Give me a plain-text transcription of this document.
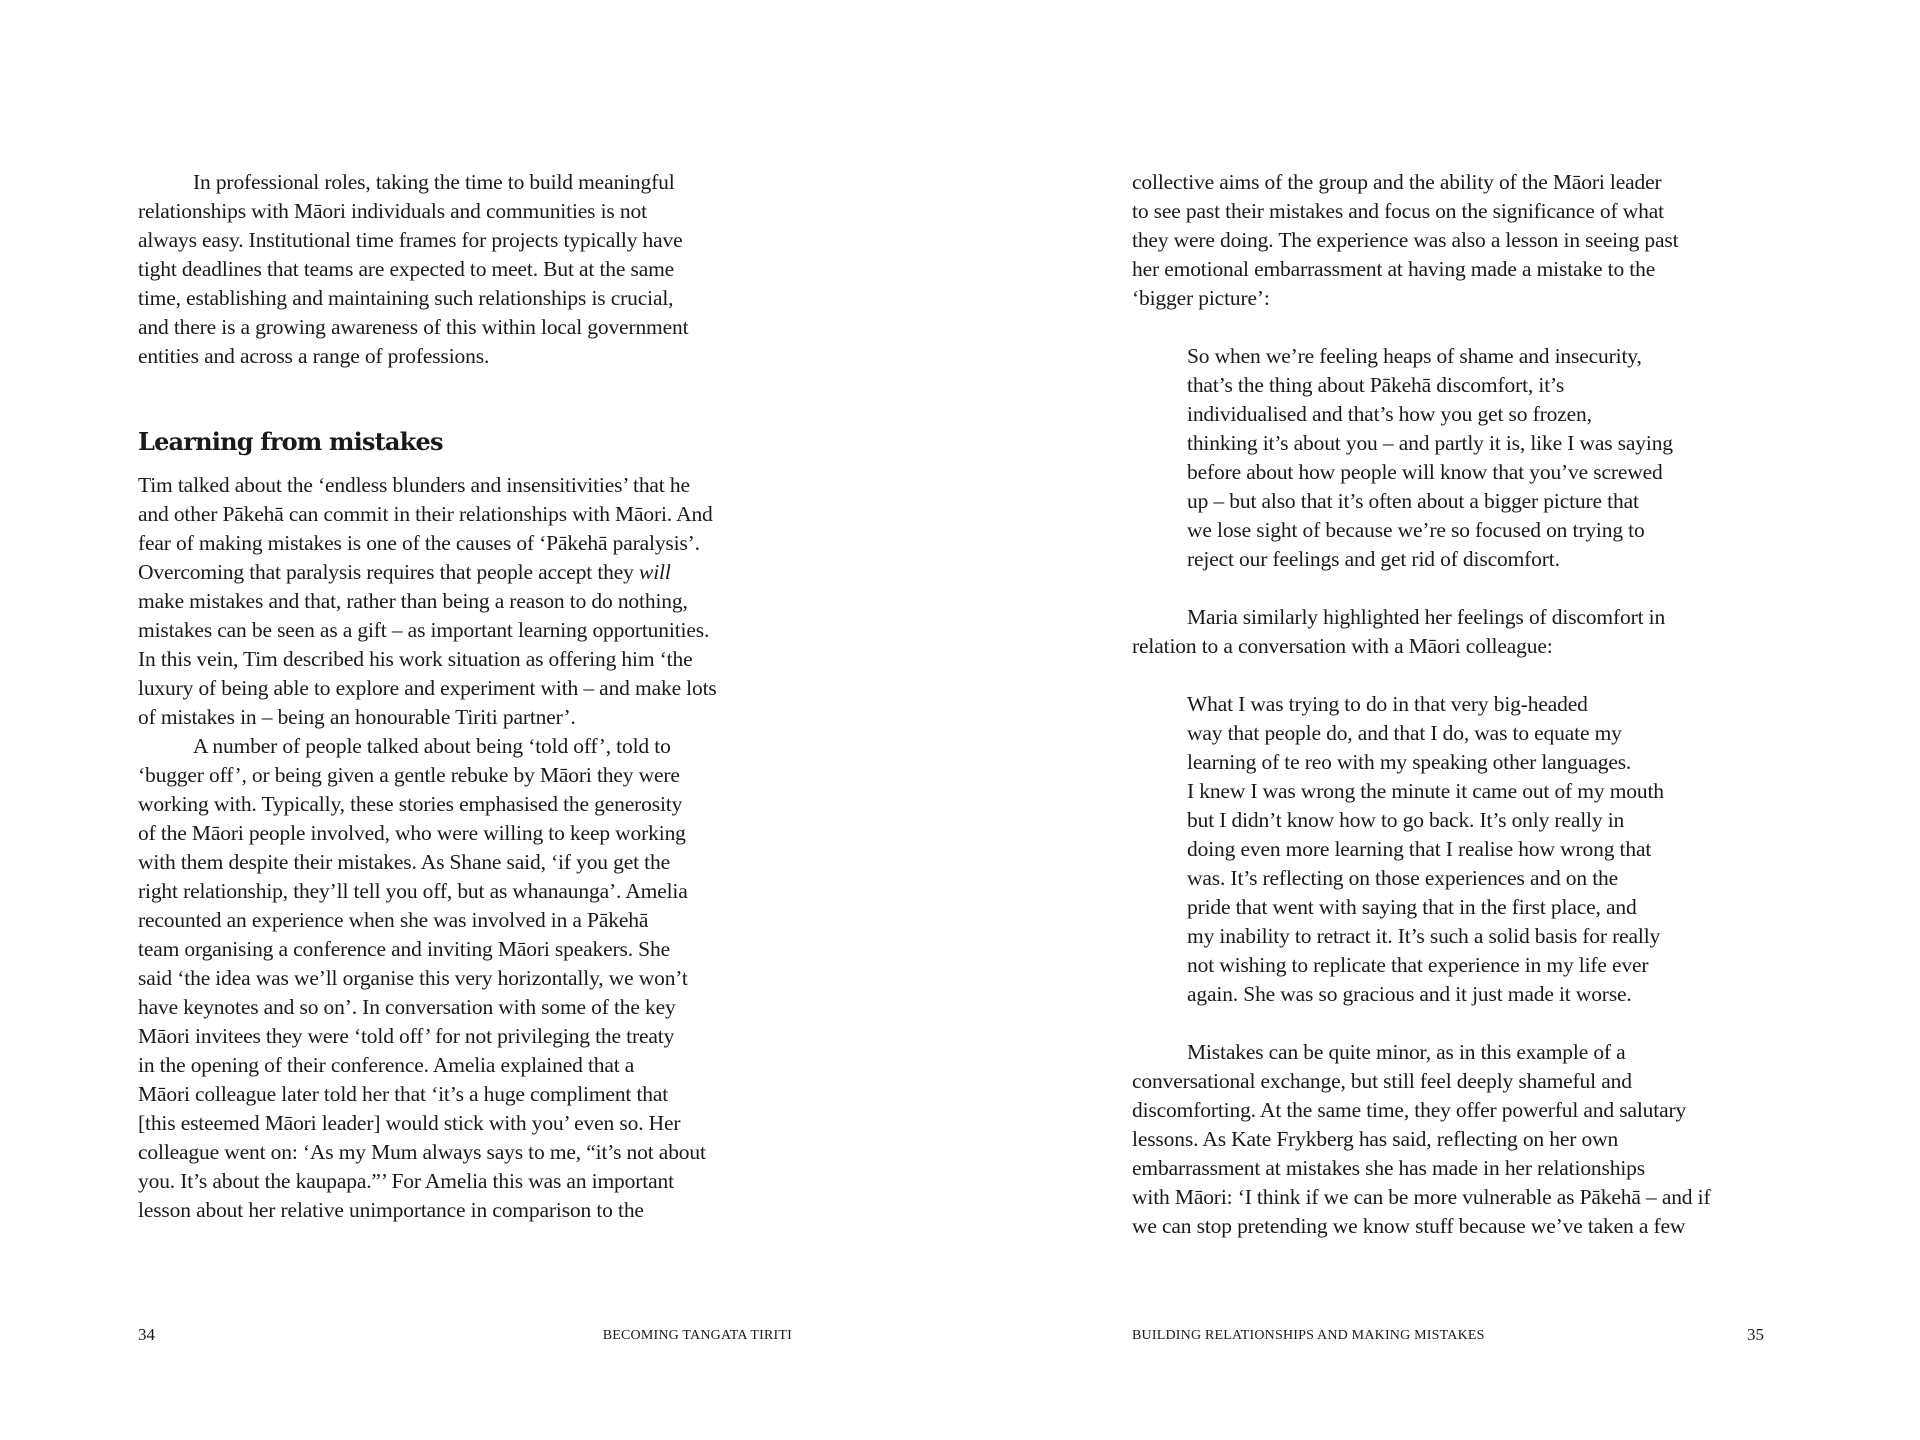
In professional roles, taking the time to build meaningful
relationships with Māori individuals and communities is not
always easy. Institutional time frames for projects typically have
tight deadlines that teams are expected to meet. But at the same
time, establishing and maintaining such relationships is crucial,
and there is a growing awareness of this within local government
entities and across a range of professions.
Learning from mistakes
Tim talked about the ‘endless blunders and insensitivities’ that he
and other Pākehā can commit in their relationships with Māori. And
fear of making mistakes is one of the causes of ‘Pākehā paralysis’.
Overcoming that paralysis requires that people accept they will
make mistakes and that, rather than being a reason to do nothing,
mistakes can be seen as a gift – as important learning opportunities.
In this vein, Tim described his work situation as offering him ‘the
luxury of being able to explore and experiment with – and make lots
of mistakes in – being an honourable Tiriti partner’.
A number of people talked about being ‘told off’, told to
‘bugger off’, or being given a gentle rebuke by Māori they were
working with. Typically, these stories emphasised the generosity
of the Māori people involved, who were willing to keep working
with them despite their mistakes. As Shane said, ‘if you get the
right relationship, they’ll tell you off, but as whanaunga’. Amelia
recounted an experience when she was involved in a Pākehā
team organising a conference and inviting Māori speakers. She
said ‘the idea was we’ll organise this very horizontally, we won’t
have keynotes and so on’. In conversation with some of the key
Māori invitees they were ‘told off’ for not privileging the treaty
in the opening of their conference. Amelia explained that a
Māori colleague later told her that ‘it’s a huge compliment that
[this esteemed Māori leader] would stick with you’ even so. Her
colleague went on: ‘As my Mum always says to me, “it’s not about
you. It’s about the kaupapa.”’ For Amelia this was an important
lesson about her relative unimportance in comparison to the
34	BECOMING TANGATA TIRITI
collective aims of the group and the ability of the Māori leader
to see past their mistakes and focus on the significance of what
they were doing. The experience was also a lesson in seeing past
her emotional embarrassment at having made a mistake to the
‘bigger picture’:
So when we’re feeling heaps of shame and insecurity,
that’s the thing about Pākehā discomfort, it’s
individualised and that’s how you get so frozen,
thinking it’s about you – and partly it is, like I was saying
before about how people will know that you’ve screwed
up – but also that it’s often about a bigger picture that
we lose sight of because we’re so focused on trying to
reject our feelings and get rid of discomfort.
Maria similarly highlighted her feelings of discomfort in
relation to a conversation with a Māori colleague:
What I was trying to do in that very big-headed
way that people do, and that I do, was to equate my
learning of te reo with my speaking other languages.
I knew I was wrong the minute it came out of my mouth
but I didn’t know how to go back. It’s only really in
doing even more learning that I realise how wrong that
was. It’s reflecting on those experiences and on the
pride that went with saying that in the first place, and
my inability to retract it. It’s such a solid basis for really
not wishing to replicate that experience in my life ever
again. She was so gracious and it just made it worse.
Mistakes can be quite minor, as in this example of a
conversational exchange, but still feel deeply shameful and
discomforting. At the same time, they offer powerful and salutary
lessons. As Kate Frykberg has said, reflecting on her own
embarrassment at mistakes she has made in her relationships
with Māori: ‘I think if we can be more vulnerable as Pākehā – and if
we can stop pretending we know stuff because we’ve taken a few
BUILDING RELATIONSHIPS AND MAKING MISTAKES	35
